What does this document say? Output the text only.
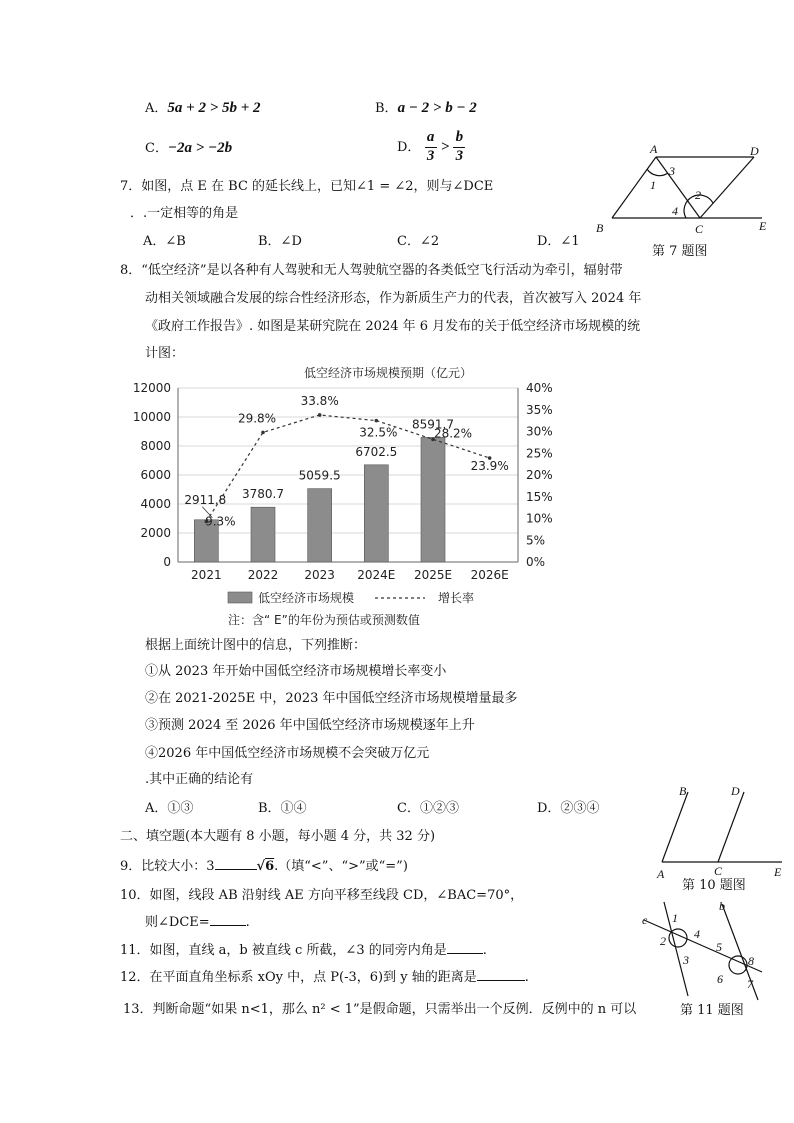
A．5a + 2 > 5b + 2	B．a − 2 > b − 2
C．−2a > −2b	D． $\frac{a}{3} > \frac{b}{3}$	A	D
3
1
2
4
B	C	E
第 7 题图
7．如图，点 E 在 BC 的延长线上，已知∠1 = ∠2，则与∠DCE
．.一定相等的角是
A．∠B	B．∠D	C．∠2	D．∠1
8．“低空经济”是以各种有人驾驶和无人驾驶航空器的各类低空飞行活动为牵引，辐射带
动相关领域融合发展的综合性经济形态，作为新质生产力的代表，首次被写入 2024 年
《政府工作报告》. 如图是某研究院在 2024 年 6 月发布的关于低空经济市场规模的统
计图：
低空经济市场规模预期（亿元）
0
2000
4000
6000
8000
10000
12000
0%
5%
10%
15%
20%
25%
30%
35%
40%
2021 2022 2023 2024E 2025E 2026E
2911.8 3780.7
5059.5
6702.5
8591.7
9.3%
29.8%
33.8%
32.5%	28.2%
23.9%
低空经济市场规模	增长率
注：含“ E”的年份为预估或预测数值
根据上面统计图中的信息，下列推断：
①从 2023 年开始中国低空经济市场规模增长率变小
②在 2021-2025E 中，2023 年中国低空经济市场规模增量最多
③预测 2024 至 2026 年中国低空经济市场规模逐年上升
④2026 年中国低空经济市场规模不会突破万亿元
.其中正确的结论有
A．①③	B．①④	C．①②③	D．②③④
B	D
A	C	E
第 10 题图
c
b
1
4
2
3
5
8
6 7
二、填空题(本大题有 8 小题，每小题 4 分，共 32 分)
9．比较大小：3	√6.（填“<”、“>”或“=”)
10．如图，线段 AB 沿射线 AE 方向平移至线段 CD，∠BAC=70°，
则∠DCE=	.
11．如图，直线 a，b 被直线 c 所截，∠3 的同旁内角是	.
12．在平面直角坐标系 xOy 中，点 P(-3，6)到 y 轴的距离是	.
13．判断命题“如果 n<1，那么 n² < 1”是假命题，只需举出一个反例．反例中的 n 可以	第 11 题图
